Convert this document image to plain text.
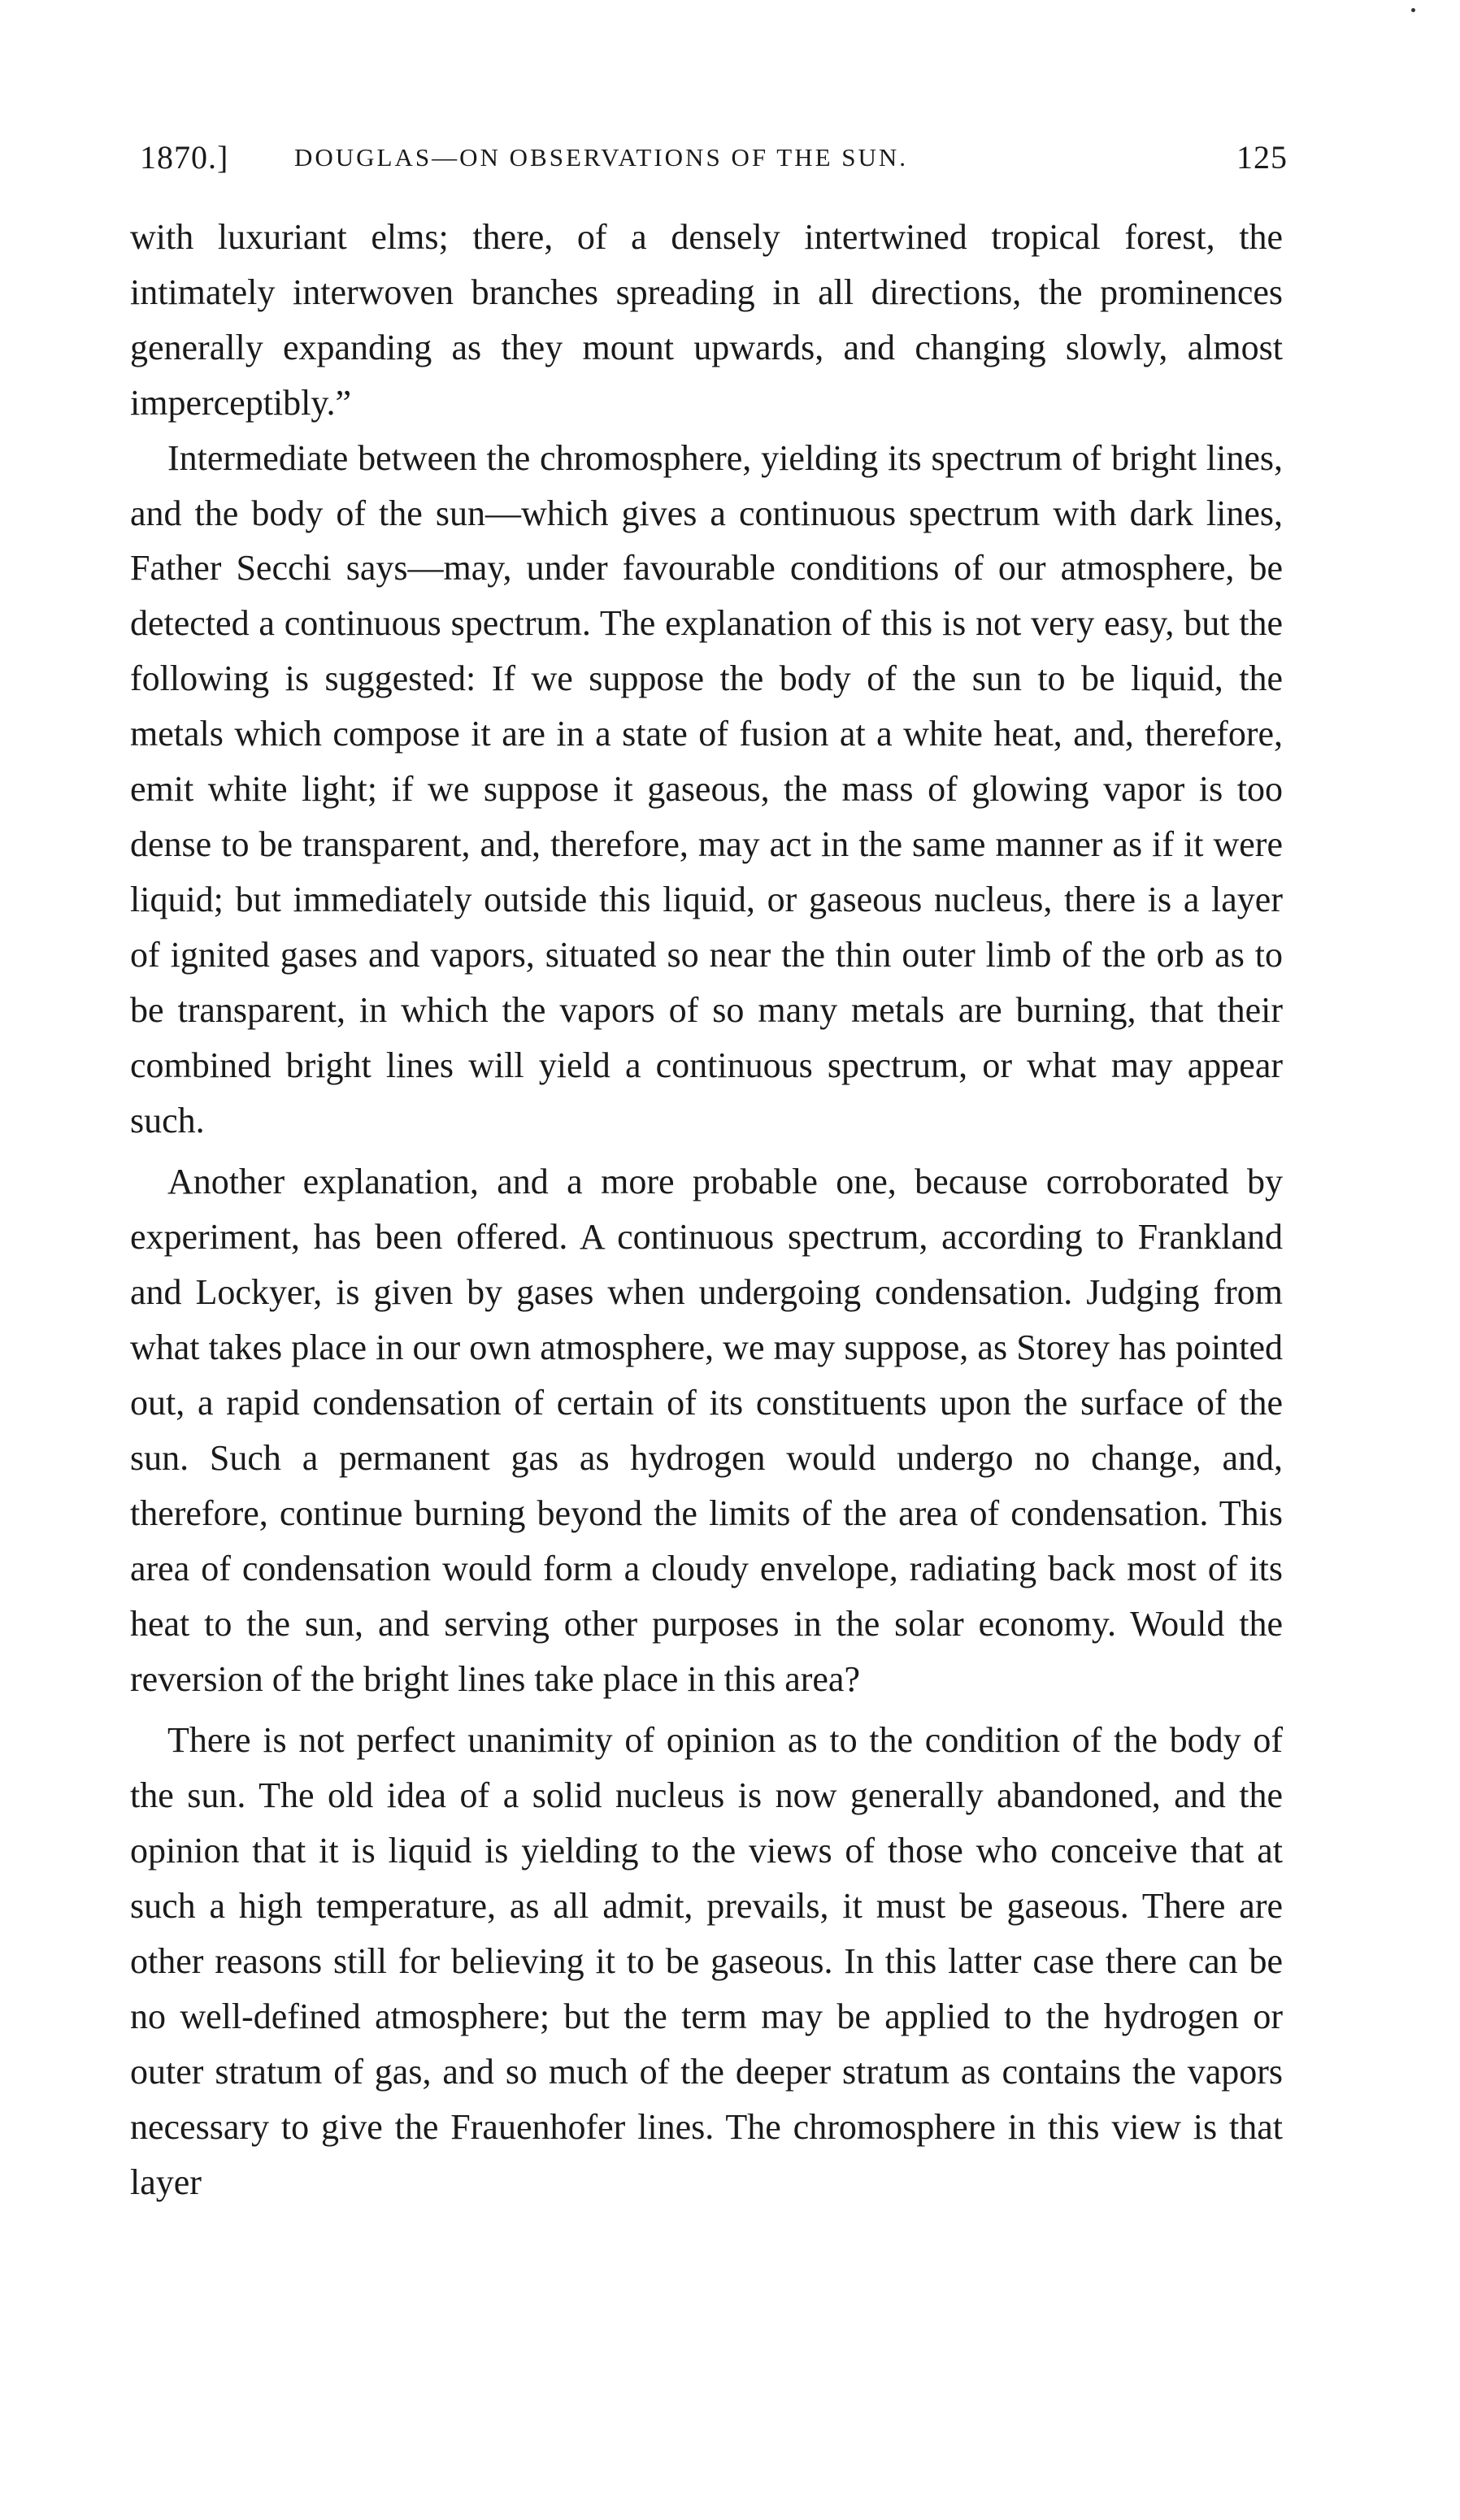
1870.]	DOUGLAS—ON OBSERVATIONS OF THE SUN.	125

with luxuriant elms; there, of a densely intertwined tropical forest, the intimately interwoven branches spreading in all directions, the prominences generally expanding as they mount upwards, and changing slowly, almost imperceptibly.”

Intermediate between the chromosphere, yielding its spectrum of bright lines, and the body of the sun—which gives a continuous spectrum with dark lines, Father Secchi says—may, under favourable conditions of our atmosphere, be detected a continuous spectrum. The explanation of this is not very easy, but the following is suggested: If we suppose the body of the sun to be liquid, the metals which compose it are in a state of fusion at a white heat, and, therefore, emit white light; if we suppose it gaseous, the mass of glowing vapor is too dense to be transparent, and, therefore, may act in the same manner as if it were liquid; but immediately outside this liquid, or gaseous nucleus, there is a layer of ignited gases and vapors, situated so near the thin outer limb of the orb as to be transparent, in which the vapors of so many metals are burning, that their combined bright lines will yield a continuous spectrum, or what may appear such.

Another explanation, and a more probable one, because corroborated by experiment, has been offered. A continuous spectrum, according to Frankland and Lockyer, is given by gases when undergoing condensation. Judging from what takes place in our own atmosphere, we may suppose, as Storey has pointed out, a rapid condensation of certain of its constituents upon the surface of the sun. Such a permanent gas as hydrogen would undergo no change, and, therefore, continue burning beyond the limits of the area of condensation. This area of condensation would form a cloudy envelope, radiating back most of its heat to the sun, and serving other purposes in the solar economy. Would the reversion of the bright lines take place in this area?

There is not perfect unanimity of opinion as to the condition of the body of the sun. The old idea of a solid nucleus is now generally abandoned, and the opinion that it is liquid is yielding to the views of those who conceive that at such a high temperature, as all admit, prevails, it must be gaseous. There are other reasons still for believing it to be gaseous. In this latter case there can be no well-defined atmosphere; but the term may be applied to the hydrogen or outer stratum of gas, and so much of the deeper stratum as contains the vapors necessary to give the Frauenhofer lines. The chromosphere in this view is that layer
